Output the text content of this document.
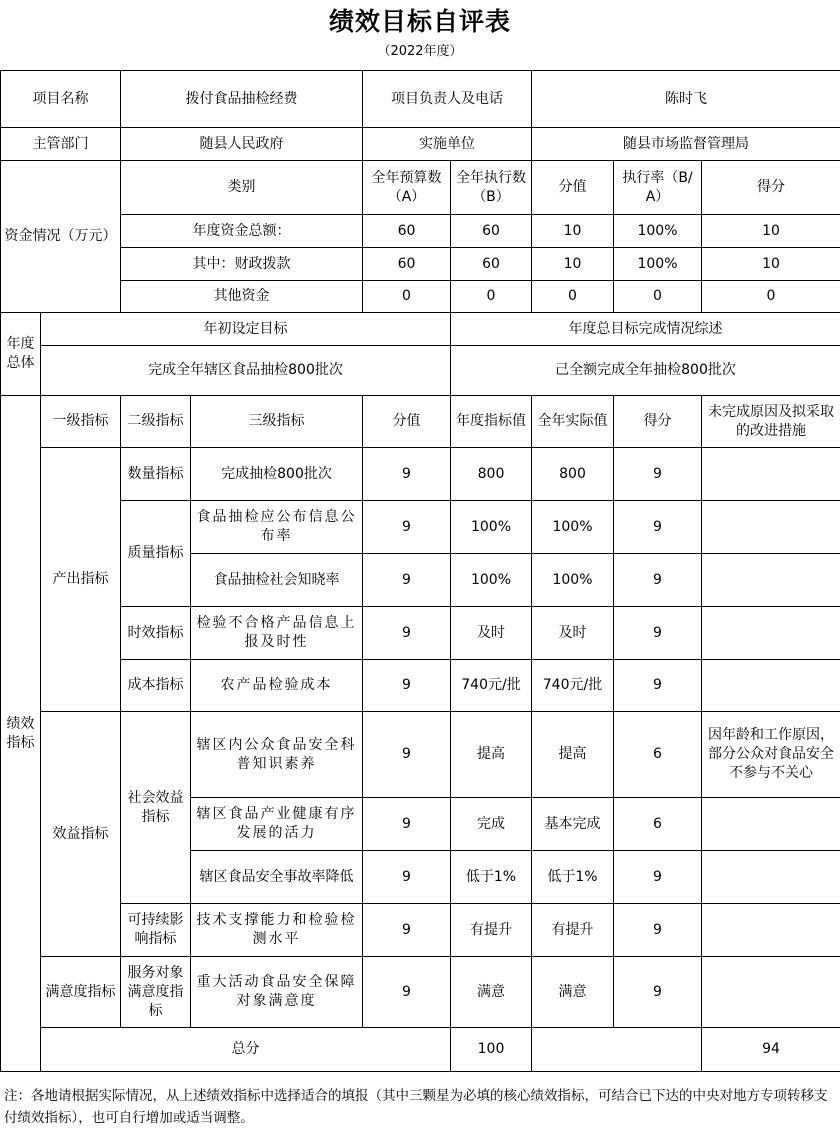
绩效目标自评表
（2022年度）
项目名称		拨付食品抽检经费		项目负责人及电话		陈时飞			
主管部门		随县人民政府		实施单位		随县市场监督管理局			
资金情况（万元）		类别		全年预算数（A）	全年执行数（B）	分值	执行率（B/A）	得分	
		年度资金总额：		60	60	10	100%	10	
		其中：财政拨款		60	60	10	100%	10	
		其他资金		0	0	0	0	0	
年度总体	年初设定目标				年度总目标完成情况综述				
	完成全年辖区食品抽检800批次				己全额完成全年抽检800批次				
绩效指标	一级指标	二级指标	三级指标	分值	年度指标值	全年实际值	得分	未完成原因及拟采取的改进措施	
	产出指标	数量指标	完成抽检800批次	9	800	800	9		
		质量指标	食品抽检应公布信息公布率	9	100%	100%	9		
			食品抽检社会知晓率	9	100%	100%	9		
		时效指标	检验不合格产品信息上报及时性	9	及时	及时	9		
		成本指标	农产品检验成本	9	740元/批	740元/批	9		
	效益指标	社会效益指标	辖区内公众食品安全科普知识素养	9	提高	提高	6	因年龄和工作原因，部分公众对食品安全不参与不关心	
			辖区食品产业健康有序发展的活力	9	完成	基本完成	6		
			辖区食品安全事故率降低	9	低于1%	低于1%	9		
		可持续影响指标	技术支撑能力和检验检测水平	9	有提升	有提升	9		
	满意度指标	服务对象满意度指标	重大活动食品安全保障对象满意度	9	满意	满意	9		
	总分				100			94	
注：各地请根据实际情况，从上述绩效指标中选择适合的填报（其中三颗星为必填的核心绩效指标，可结合已下达的中央对地方专项转移支付绩效指标），也可自行增加或适当调整。
